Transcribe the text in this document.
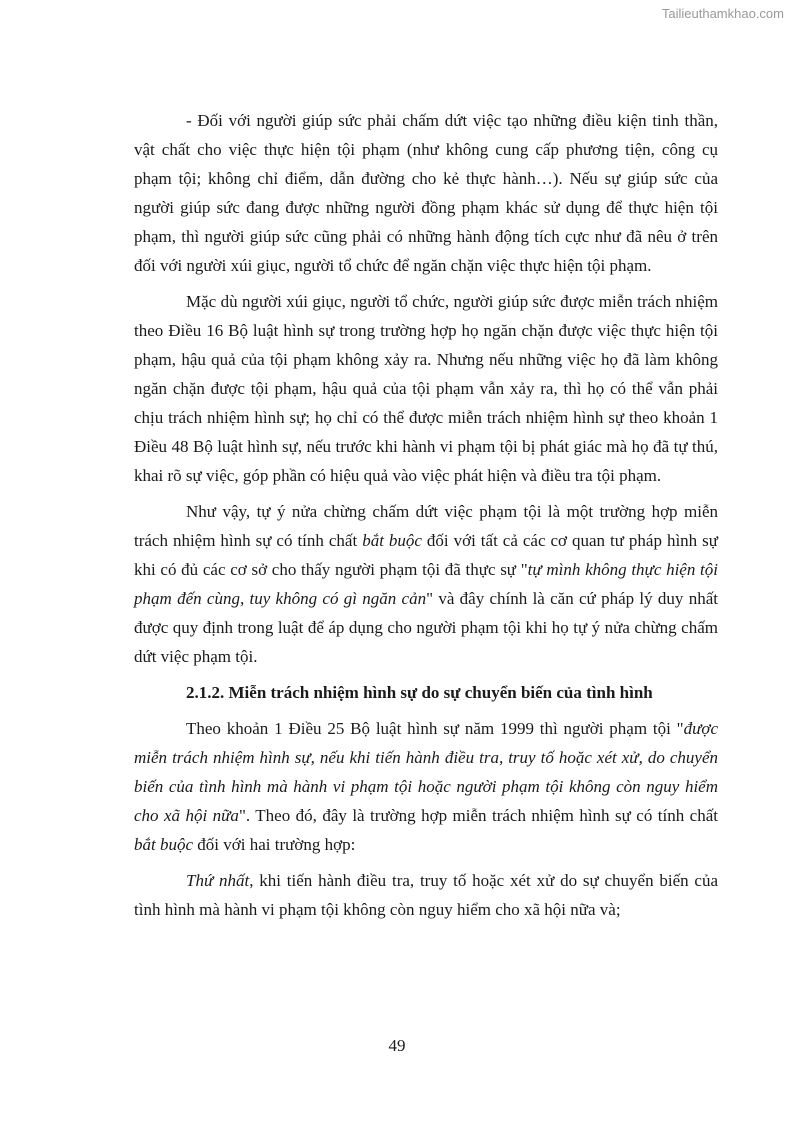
Tailieuthamkhao.com

- Đối với người giúp sức phải chấm dứt việc tạo những điều kiện tinh thần, vật chất cho việc thực hiện tội phạm (như không cung cấp phương tiện, công cụ phạm tội; không chỉ điểm, dẫn đường cho kẻ thực hành…). Nếu sự giúp sức của người giúp sức đang được những người đồng phạm khác sử dụng để thực hiện tội phạm, thì người giúp sức cũng phải có những hành động tích cực như đã nêu ở trên đối với người xúi giục, người tổ chức để ngăn chặn việc thực hiện tội phạm.

Mặc dù người xúi giục, người tổ chức, người giúp sức được miễn trách nhiệm theo Điều 16 Bộ luật hình sự trong trường hợp họ ngăn chặn được việc thực hiện tội phạm, hậu quả của tội phạm không xảy ra. Nhưng nếu những việc họ đã làm không ngăn chặn được tội phạm, hậu quả của tội phạm vẫn xảy ra, thì họ có thể vẫn phải chịu trách nhiệm hình sự; họ chỉ có thể được miễn trách nhiệm hình sự theo khoản 1 Điều 48 Bộ luật hình sự, nếu trước khi hành vi phạm tội bị phát giác mà họ đã tự thú, khai rõ sự việc, góp phần có hiệu quả vào việc phát hiện và điều tra tội phạm.

Như vậy, tự ý nửa chừng chấm dứt việc phạm tội là một trường hợp miễn trách nhiệm hình sự có tính chất bắt buộc đối với tất cả các cơ quan tư pháp hình sự khi có đủ các cơ sở cho thấy người phạm tội đã thực sự "tự mình không thực hiện tội phạm đến cùng, tuy không có gì ngăn cản" và đây chính là căn cứ pháp lý duy nhất được quy định trong luật để áp dụng cho người phạm tội khi họ tự ý nửa chừng chấm dứt việc phạm tội.

2.1.2. Miễn trách nhiệm hình sự do sự chuyển biến của tình hình

Theo khoản 1 Điều 25 Bộ luật hình sự năm 1999 thì người phạm tội "được miễn trách nhiệm hình sự, nếu khi tiến hành điều tra, truy tố hoặc xét xử, do chuyển biến của tình hình mà hành vi phạm tội hoặc người phạm tội không còn nguy hiểm cho xã hội nữa". Theo đó, đây là trường hợp miễn trách nhiệm hình sự có tính chất bắt buộc đối với hai trường hợp:

Thứ nhất, khi tiến hành điều tra, truy tố hoặc xét xử do sự chuyển biến của tình hình mà hành vi phạm tội không còn nguy hiểm cho xã hội nữa và;

49
